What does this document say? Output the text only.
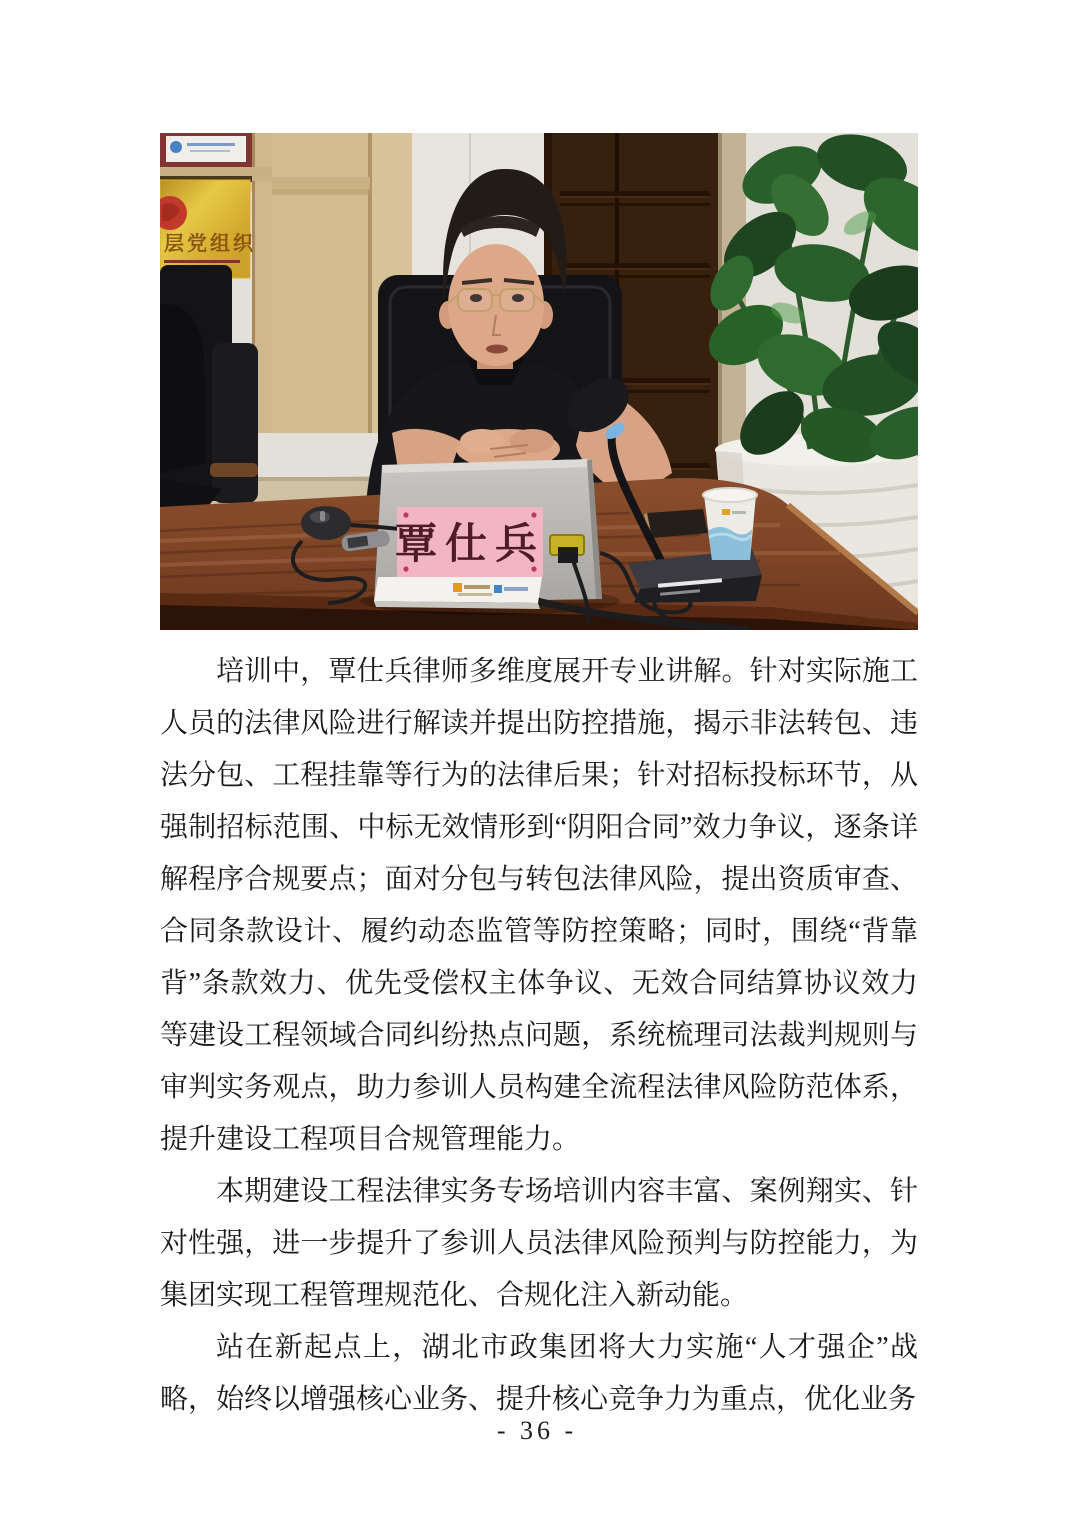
层党组织
覃仕兵

培训中，覃仕兵律师多维度展开专业讲解。针对实际施工人员的法律风险进行解读并提出防控措施，揭示非法转包、违法分包、工程挂靠等行为的法律后果；针对招标投标环节，从强制招标范围、中标无效情形到“阴阳合同”效力争议，逐条详解程序合规要点；面对分包与转包法律风险，提出资质审查、合同条款设计、履约动态监管等防控策略；同时，围绕“背靠背”条款效力、优先受偿权主体争议、无效合同结算协议效力等建设工程领域合同纠纷热点问题，系统梳理司法裁判规则与审判实务观点，助力参训人员构建全流程法律风险防范体系，提升建设工程项目合规管理能力。

本期建设工程法律实务专场培训内容丰富、案例翔实、针对性强，进一步提升了参训人员法律风险预判与防控能力，为集团实现工程管理规范化、合规化注入新动能。

站在新起点上，湖北市政集团将大力实施“人才强企”战略，始终以增强核心业务、提升核心竞争力为重点，优化业务

- 36 -
